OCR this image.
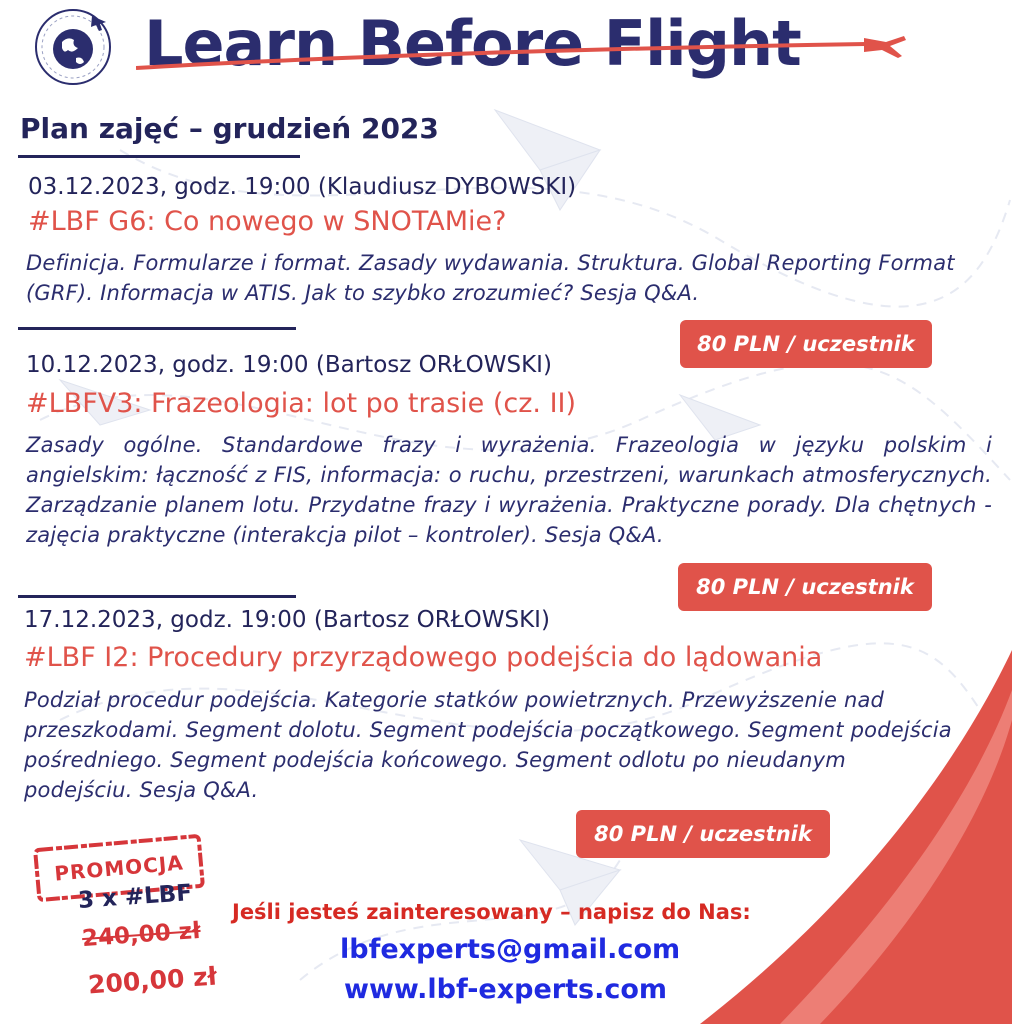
Learn Before Flight
Plan zajęć – grudzień 2023
03.12.2023, godz. 19:00 (Klaudiusz DYBOWSKI)
#LBF G6: Co nowego w SNOTAMie?
Definicja. Formularze i format. Zasady wydawania. Struktura. Global Reporting Format (GRF). Informacja w ATIS. Jak to szybko zrozumieć? Sesja Q&A.
80 PLN / uczestnik
10.12.2023, godz. 19:00 (Bartosz ORŁOWSKI)
#LBFV3: Frazeologia: lot po trasie (cz. II)
Zasady ogólne. Standardowe frazy i wyrażenia. Frazeologia w języku polskim i angielskim: łączność z FIS, informacja: o ruchu, przestrzeni, warunkach atmosferycznych. Zarządzanie planem lotu. Przydatne frazy i wyrażenia. Praktyczne porady. Dla chętnych - zajęcia praktyczne (interakcja pilot – kontroler). Sesja Q&A.
80 PLN / uczestnik
17.12.2023, godz. 19:00 (Bartosz ORŁOWSKI)
#LBF I2: Procedury przyrządowego podejścia do lądowania
Podział procedur podejścia. Kategorie statków powietrznych. Przewyższenie nad przeszkodami. Segment dolotu. Segment podejścia początkowego. Segment podejścia pośredniego. Segment podejścia końcowego. Segment odlotu po nieudanym podejściu. Sesja Q&A.
80 PLN / uczestnik
PROMOCJA
3 x #LBF
240,00 zł
200,00 zł
Jeśli jesteś zainteresowany – napisz do Nas:
lbfexperts@gmail.com
www.lbf-experts.com
